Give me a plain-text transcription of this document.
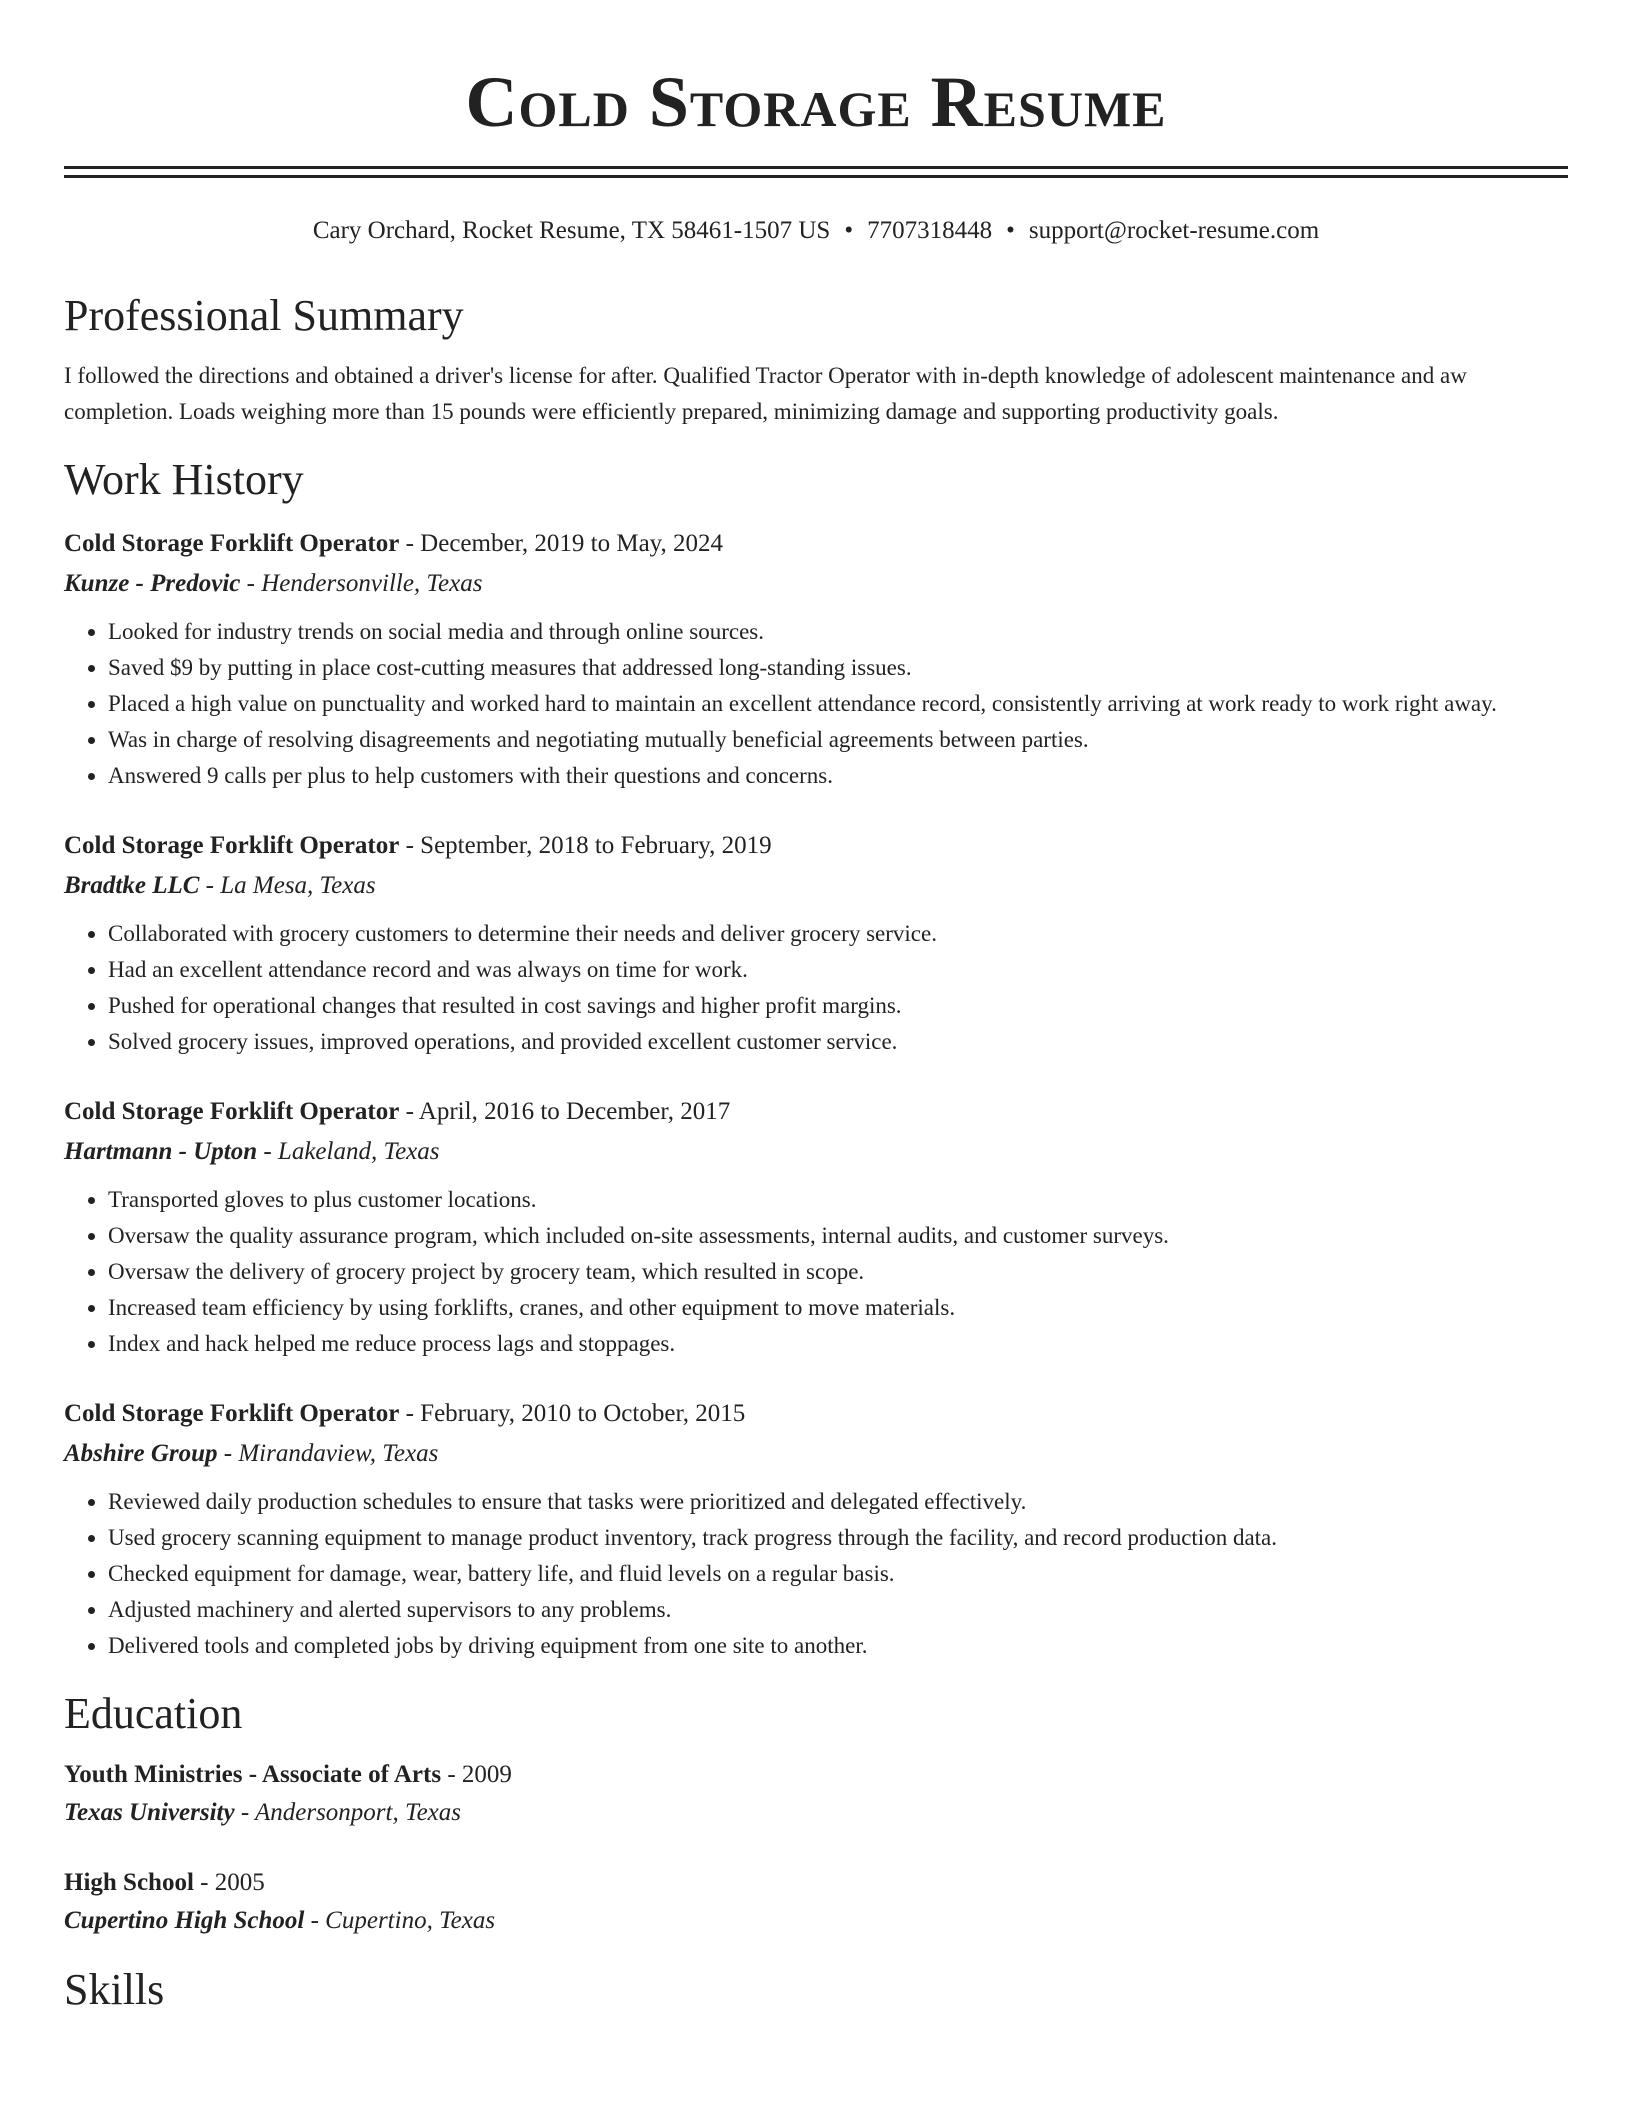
Cold Storage Resume
Cary Orchard, Rocket Resume, TX 58461-1507 US • 7707318448 • support@rocket-resume.com
Professional Summary

I followed the directions and obtained a driver's license for after. Qualified Tractor Operator with in-depth knowledge of adolescent maintenance and aw completion. Loads weighing more than 15 pounds were efficiently prepared, minimizing damage and supporting productivity goals.

Work History
Cold Storage Forklift Operator - December, 2019 to May, 2024
Kunze - Predovic - Hendersonville, Texas
• Looked for industry trends on social media and through online sources.
• Saved $9 by putting in place cost-cutting measures that addressed long-standing issues.
• Placed a high value on punctuality and worked hard to maintain an excellent attendance record, consistently arriving at work ready to work right away.
• Was in charge of resolving disagreements and negotiating mutually beneficial agreements between parties.
• Answered 9 calls per plus to help customers with their questions and concerns.
Cold Storage Forklift Operator - September, 2018 to February, 2019
Bradtke LLC - La Mesa, Texas
• Collaborated with grocery customers to determine their needs and deliver grocery service.
• Had an excellent attendance record and was always on time for work.
• Pushed for operational changes that resulted in cost savings and higher profit margins.
• Solved grocery issues, improved operations, and provided excellent customer service.
Cold Storage Forklift Operator - April, 2016 to December, 2017
Hartmann - Upton - Lakeland, Texas
• Transported gloves to plus customer locations.
• Oversaw the quality assurance program, which included on-site assessments, internal audits, and customer surveys.
• Oversaw the delivery of grocery project by grocery team, which resulted in scope.
• Increased team efficiency by using forklifts, cranes, and other equipment to move materials.
• Index and hack helped me reduce process lags and stoppages.
Cold Storage Forklift Operator - February, 2010 to October, 2015
Abshire Group - Mirandaview, Texas
• Reviewed daily production schedules to ensure that tasks were prioritized and delegated effectively.
• Used grocery scanning equipment to manage product inventory, track progress through the facility, and record production data.
• Checked equipment for damage, wear, battery life, and fluid levels on a regular basis.
• Adjusted machinery and alerted supervisors to any problems.
• Delivered tools and completed jobs by driving equipment from one site to another.
Education
Youth Ministries - Associate of Arts - 2009
Texas University - Andersonport, Texas
High School - 2005
Cupertino High School - Cupertino, Texas
Skills
